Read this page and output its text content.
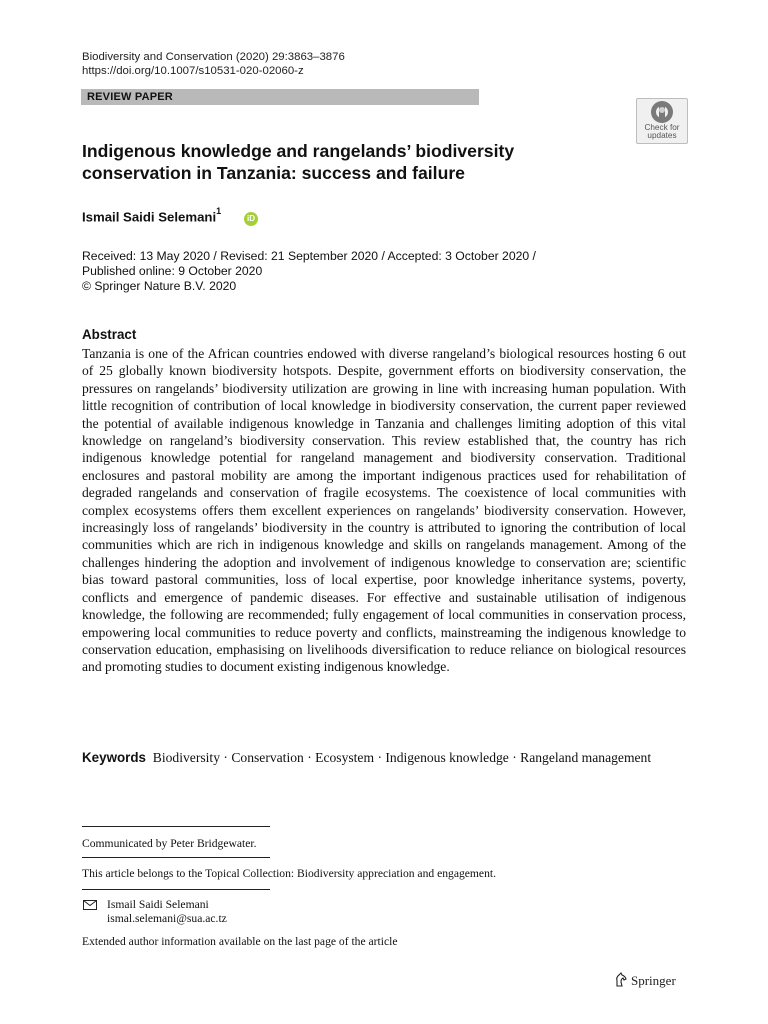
Biodiversity and Conservation (2020) 29:3863–3876
https://doi.org/10.1007/s10531-020-02060-z
REVIEW PAPER
Check for
updates
Indigenous knowledge and rangelands’ biodiversity
conservation in Tanzania: success and failure
Ismail Saidi Selemani$^1$
iD
Received: 13 May 2020 / Revised: 21 September 2020 / Accepted: 3 October 2020 /
Published online: 9 October 2020
© Springer Nature B.V. 2020
Abstract
Tanzania is one of the African countries endowed with diverse rangeland’s biological resources hosting 6 out of 25 globally known biodiversity hotspots. Despite, government efforts on biodiversity conservation, the pressures on rangelands’ biodiversity utilization are growing in line with increasing human population. With little recognition of contribution of local knowledge in biodiversity conservation, the current paper reviewed the potential of available indigenous knowledge in Tanzania and challenges limiting adoption of this vital knowledge on rangeland’s biodiversity conservation. This review established that, the country has rich indigenous knowledge potential for rangeland management and biodiversity conservation. Traditional enclosures and pastoral mobility are among the important indigenous practices used for rehabilitation of degraded rangelands and conservation of fragile ecosystems. The coexistence of local communities with complex ecosystems offers them excellent experiences on rangelands’ biodiversity conservation. However, increasingly loss of rangelands’ biodiversity in the country is attributed to ignoring the contribution of local communities which are rich in indigenous knowledge and skills on rangelands management. Among of the challenges hindering the adoption and involvement of indigenous knowledge to conservation are; scientific bias toward pastoral communities, loss of local expertise, poor knowledge inheritance systems, poverty, conflicts and emergence of pandemic diseases. For effective and sustainable utilisation of indigenous knowledge, the following are recommended; fully engagement of local communities in conservation process, empowering local communities to reduce poverty and conflicts, mainstreaming the indigenous knowledge to conservation education, emphasising on livelihoods diversification to reduce reliance on biological resources and promoting studies to document existing indigenous knowledge.
Keywords Biodiversity · Conservation · Ecosystem · Indigenous knowledge · Rangeland management
Communicated by Peter Bridgewater.
This article belongs to the Topical Collection: Biodiversity appreciation and engagement.
Ismail Saidi Selemani
ismal.selemani@sua.ac.tz
Extended author information available on the last page of the article
Springer
